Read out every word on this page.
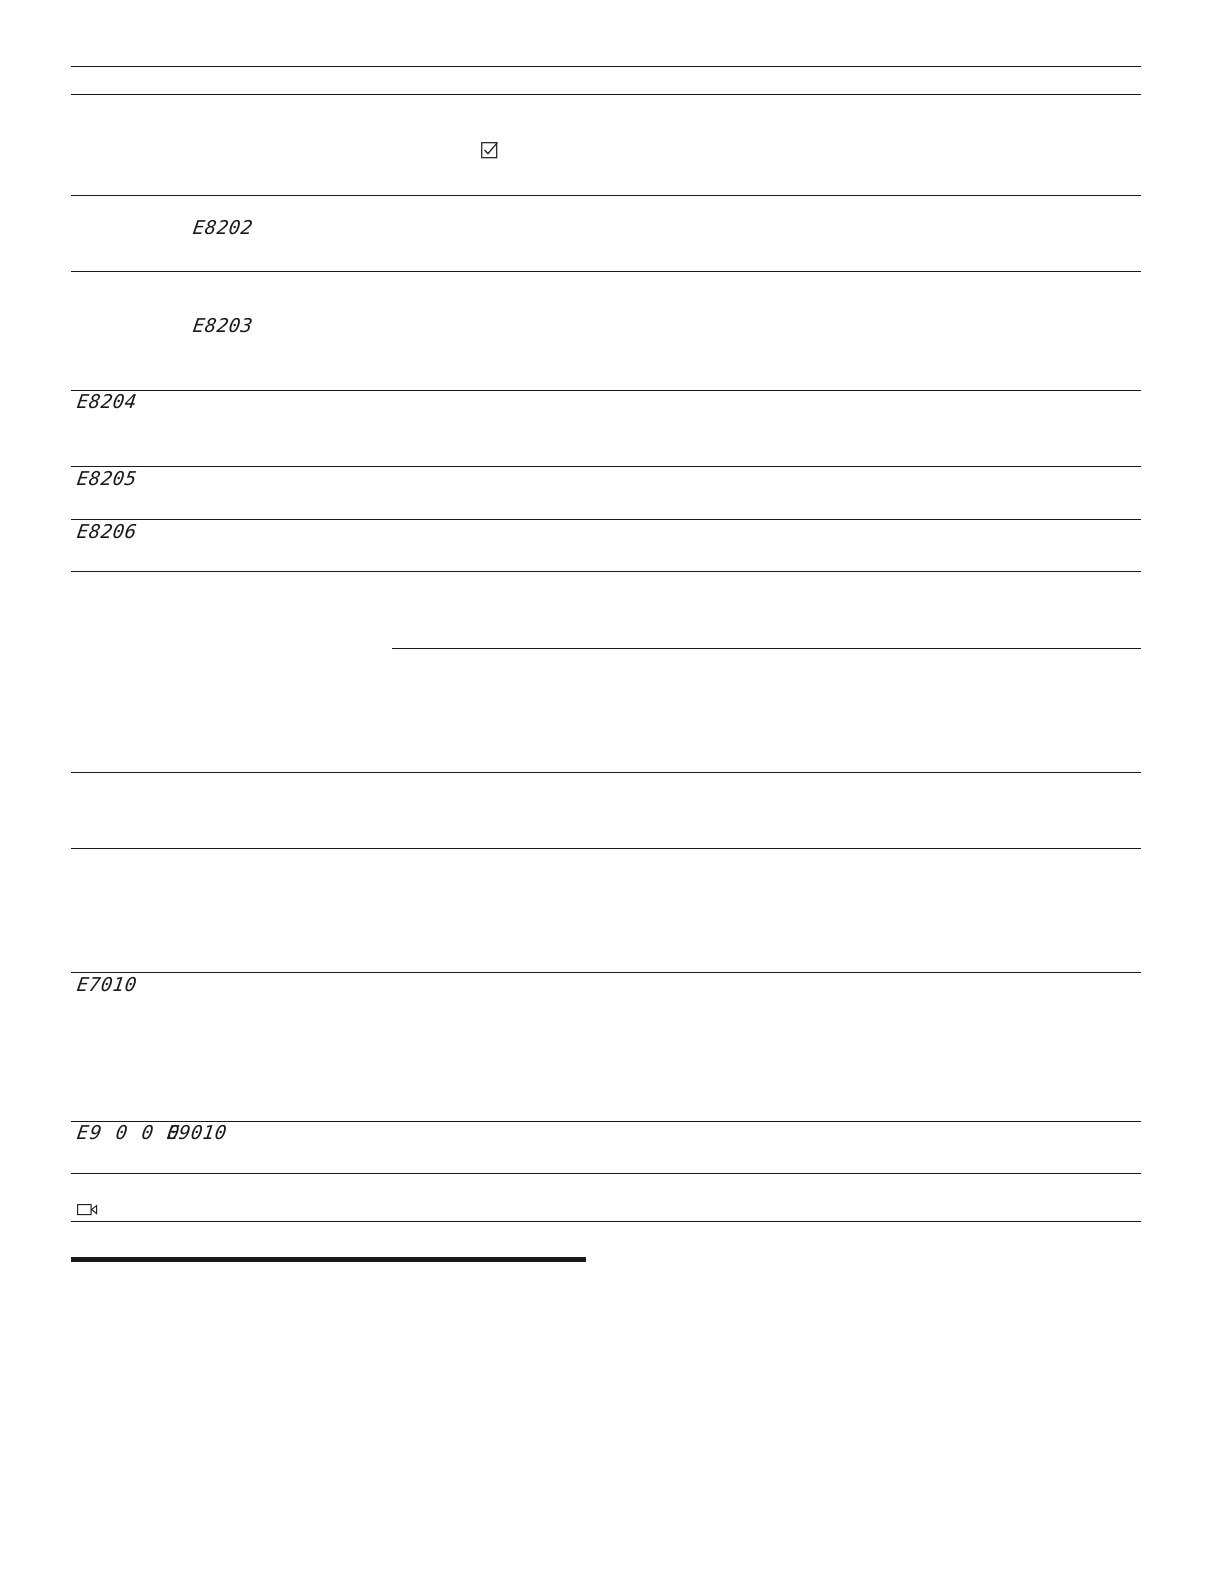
E8202
E8203
E8204
E8205
E8206
E7010
E9 0 0 0
E9010
